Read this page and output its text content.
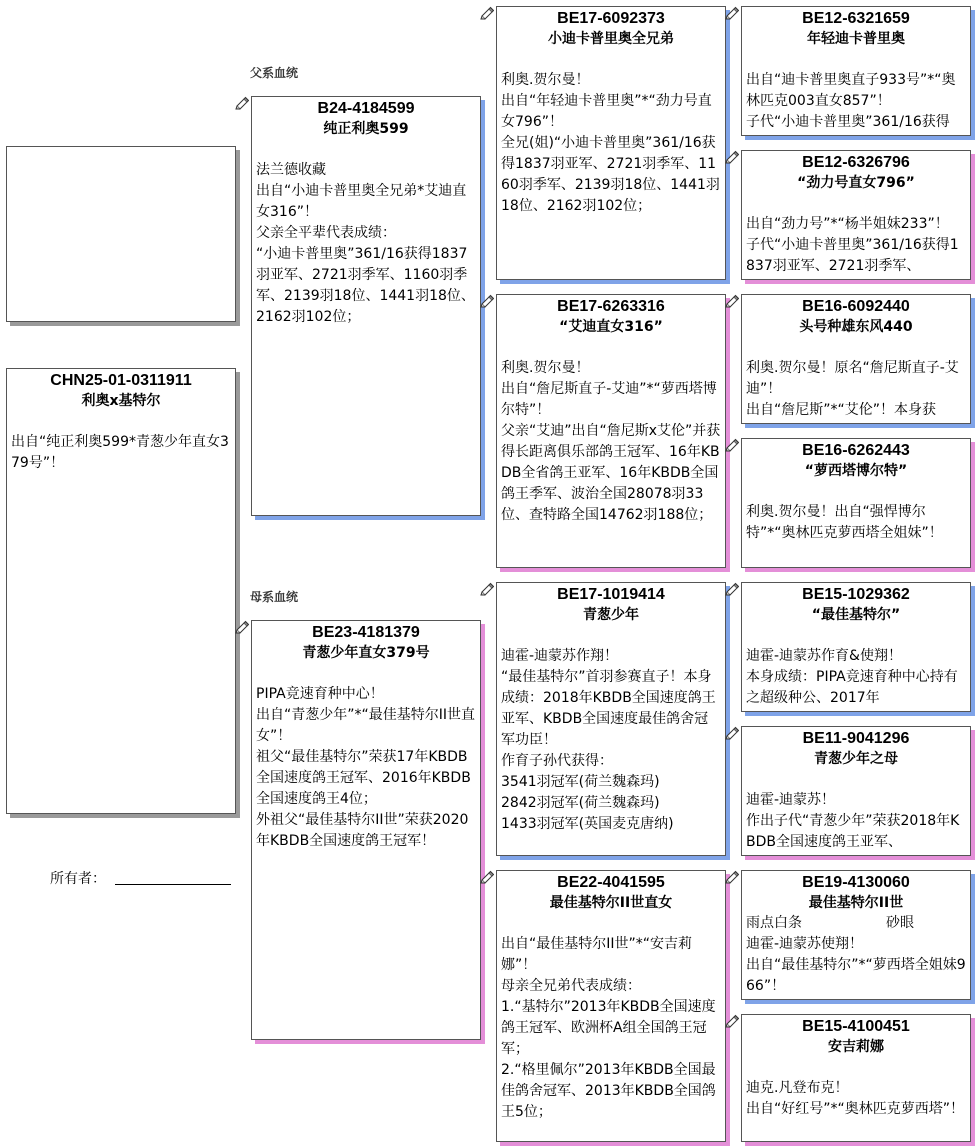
CHN25-01-0311911
利奥x基特尔

出自“纯正利奥599*青葱少年直女379号”！
所有者：
父系血统
母系血统
B24-4184599
纯正利奥599

法兰德收藏
出自“小迪卡普里奥全兄弟*艾迪直女316”！
父亲全平辈代表成绩：
“小迪卡普里奥”361/16获得1837羽亚军、2721羽季军、1160羽季军、2139羽18位、1441羽18位、2162羽102位；
BE23-4181379
青葱少年直女379号

PIPA竞速育种中心！
出自“青葱少年”*“最佳基特尔II世直女”！
祖父“最佳基特尔”荣获17年KBDB全国速度鸽王冠军、2016年KBDB全国速度鸽王4位；
外祖父“最佳基特尔II世”荣获2020年KBDB全国速度鸽王冠军！
BE17-6092373
小迪卡普里奥全兄弟

利奥.贺尔曼！
出自“年轻迪卡普里奥”*“劲力号直女796”！
全兄(姐)“小迪卡普里奥”361/16获得1837羽亚军、2721羽季军、1160羽季军、2139羽18位、1441羽18位、2162羽102位；
BE17-6263316
“艾迪直女316”

利奥.贺尔曼！
出自“詹尼斯直子-艾迪”*“萝西塔博尔特”！
父亲“艾迪”出自“詹尼斯x艾伦”并获得长距离俱乐部鸽王冠军、16年KBDB全省鸽王亚军、16年KBDB全国鸽王季军、波治全国28078羽33位、查特路全国14762羽188位；
BE17-1019414
青葱少年

迪霍-迪蒙苏作翔！
“最佳基特尔”首羽参赛直子！本身成绩：2018年KBDB全国速度鸽王亚军、KBDB全国速度最佳鸽舍冠军功臣！
作育子孙代获得：
3541羽冠军(荷兰魏森玛)
2842羽冠军(荷兰魏森玛)
1433羽冠军(英国麦克唐纳)
BE22-4041595
最佳基特尔II世直女

出自“最佳基特尔II世”*“安吉莉娜”！
母亲全兄弟代表成绩：
1.“基特尔”2013年KBDB全国速度鸽王冠军、欧洲杯A组全国鸽王冠军；
2.“格里佩尔”2013年KBDB全国最佳鸽舍冠军、2013年KBDB全国鸽王5位；
BE12-6321659
年轻迪卡普里奥

出自“迪卡普里奥直子933号”*“奥林匹克003直女857”！
子代“小迪卡普里奥”361/16获得
BE12-6326796
“劲力号直女796”

出自“劲力号”*“杨半姐妹233”！
子代“小迪卡普里奥”361/16获得1837羽亚军、2721羽季军、
BE16-6092440
头号种雄东风440

利奥.贺尔曼！原名“詹尼斯直子-艾迪”！
出自“詹尼斯”*“艾伦”！本身获
BE16-6262443
“萝西塔博尔特”

利奥.贺尔曼！出自“强悍博尔特”*“奥林匹克萝西塔全姐妹”！
BE15-1029362
“最佳基特尔”

迪霍-迪蒙苏作育&使翔！
本身成绩：PIPA竞速育种中心持有之超级种公、2017年
BE11-9041296
青葱少年之母

迪霍-迪蒙苏！
作出子代“青葱少年”荣获2018年KBDB全国速度鸽王亚军、
BE19-4130060
最佳基特尔II世
雨点白条　　　　　　砂眼
迪霍-迪蒙苏使翔！
出自“最佳基特尔”*“萝西塔全姐妹966”！
BE15-4100451
安吉莉娜

迪克.凡登布克！
出自“好红号”*“奥林匹克萝西塔”！
